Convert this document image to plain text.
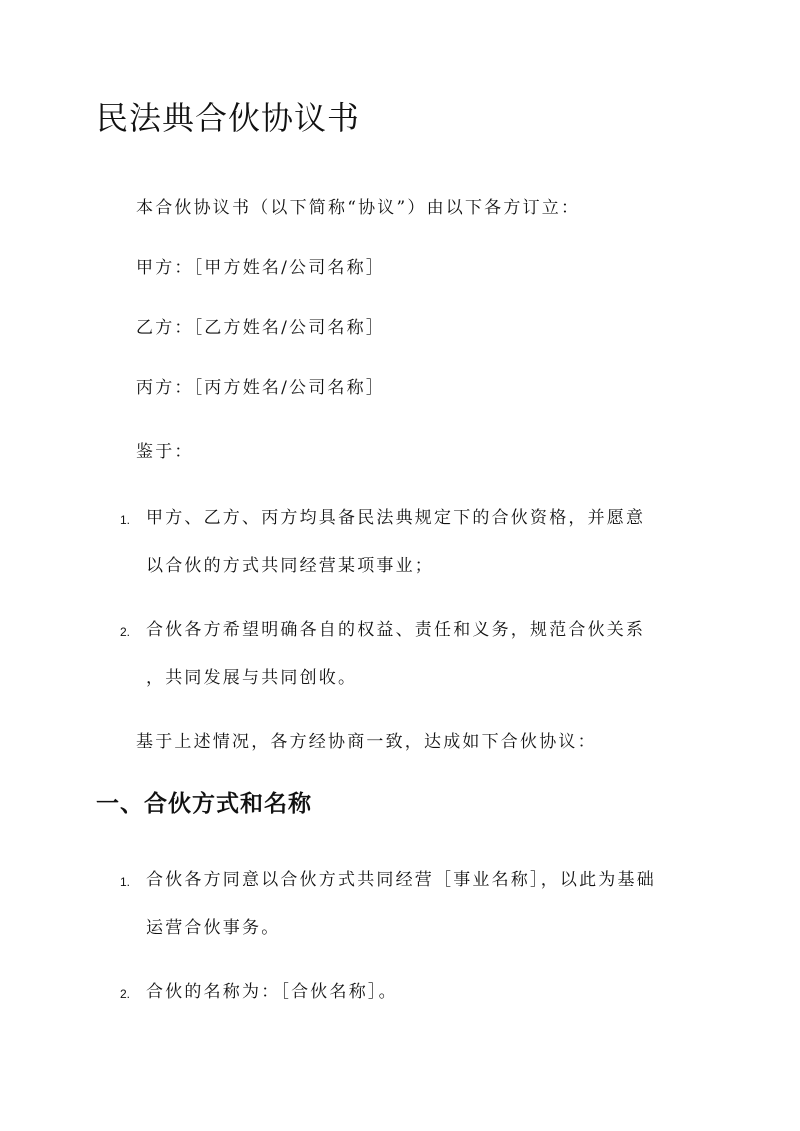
民法典合伙协议书

本合伙协议书（以下简称“协议”）由以下各方订立：

甲方：［甲方姓名/公司名称］

乙方：［乙方姓名/公司名称］

丙方：［丙方姓名/公司名称］

鉴于：

1. 甲方、乙方、丙方均具备民法典规定下的合伙资格，并愿意

以合伙的方式共同经营某项事业；

2. 合伙各方希望明确各自的权益、责任和义务，规范合伙关系

，共同发展与共同创收。

基于上述情况，各方经协商一致，达成如下合伙协议：

一、合伙方式和名称
1. 合伙各方同意以合伙方式共同经营［事业名称］，以此为基础

运营合伙事务。

2. 合伙的名称为：［合伙名称］。
